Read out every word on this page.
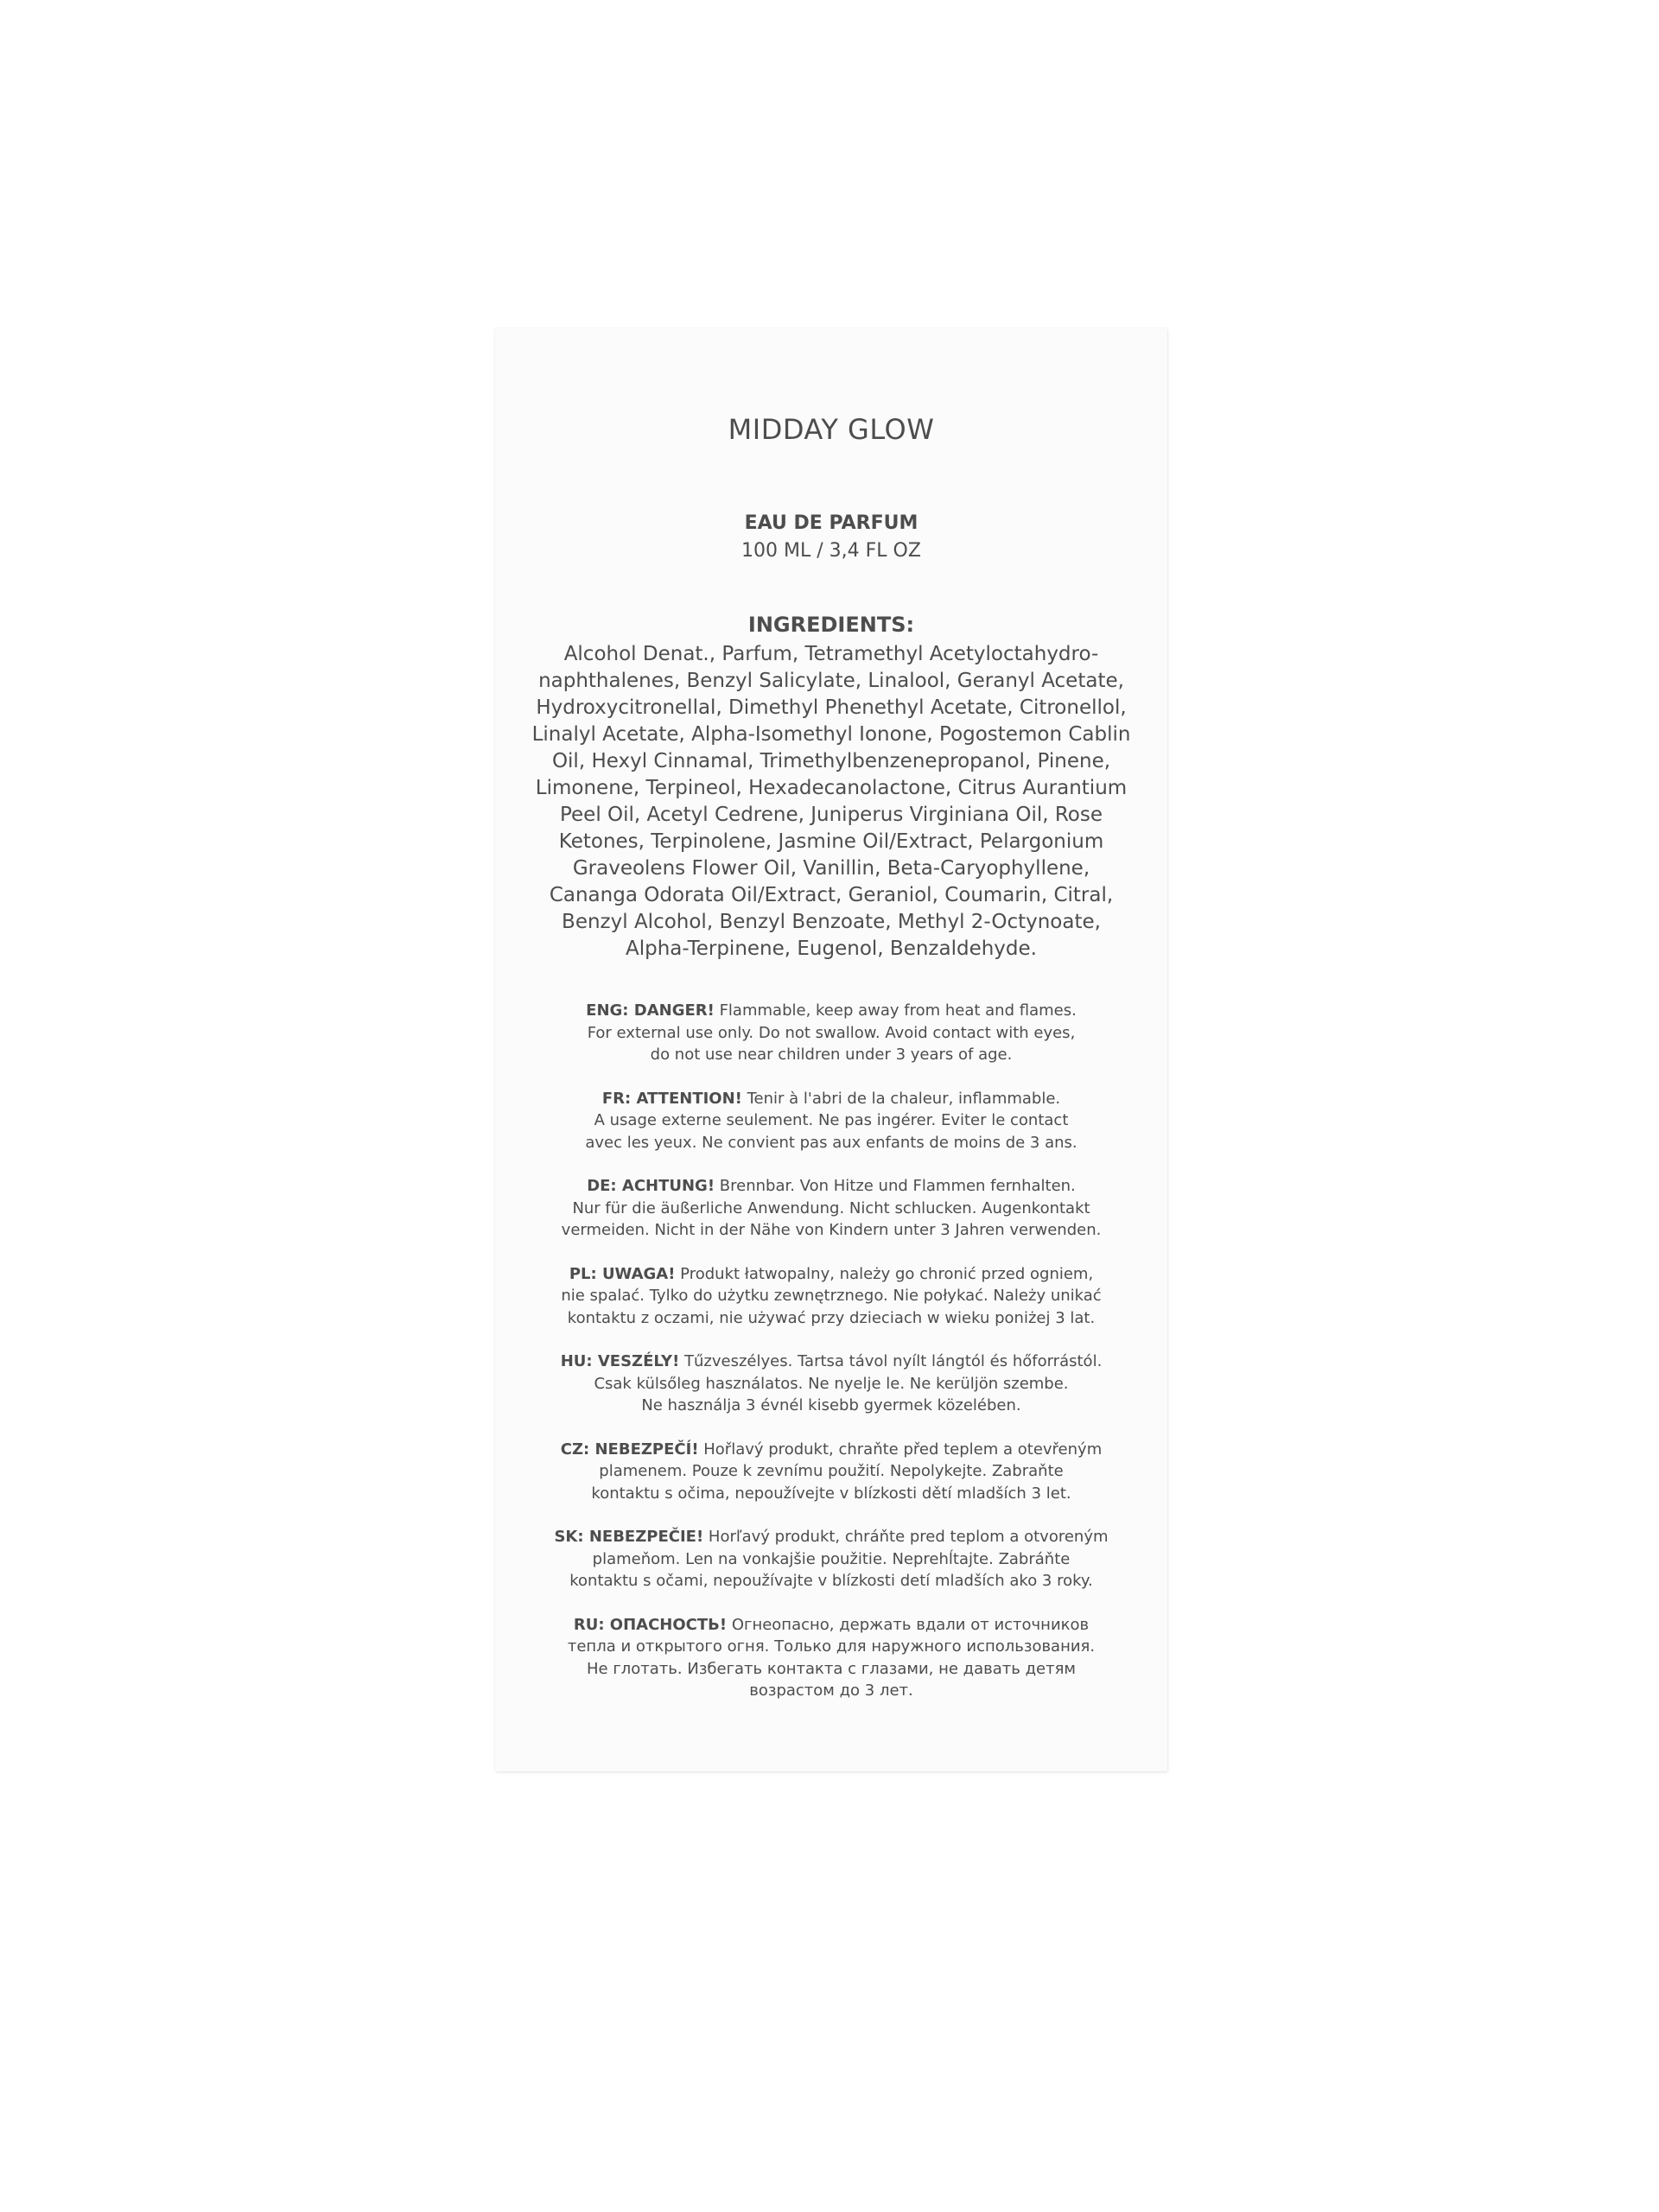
MIDDAY GLOW
EAU DE PARFUM
100 ML / 3,4 FL OZ
INGREDIENTS:
Alcohol Denat., Parfum, Tetramethyl Acetyloctahydro-
naphthalenes, Benzyl Salicylate, Linalool, Geranyl Acetate,
Hydroxycitronellal, Dimethyl Phenethyl Acetate, Citronellol,
Linalyl Acetate, Alpha-Isomethyl Ionone, Pogostemon Cablin
Oil, Hexyl Cinnamal, Trimethylbenzenepropanol, Pinene,
Limonene, Terpineol, Hexadecanolactone, Citrus Aurantium
Peel Oil, Acetyl Cedrene, Juniperus Virginiana Oil, Rose
Ketones, Terpinolene, Jasmine Oil/Extract, Pelargonium
Graveolens Flower Oil, Vanillin, Beta-Caryophyllene,
Cananga Odorata Oil/Extract, Geraniol, Coumarin, Citral,
Benzyl Alcohol, Benzyl Benzoate, Methyl 2-Octynoate,
Alpha-Terpinene, Eugenol, Benzaldehyde.
ENG: DANGER! Flammable, keep away from heat and flames.
For external use only. Do not swallow. Avoid contact with eyes,
do not use near children under 3 years of age.
FR: ATTENTION! Tenir à l'abri de la chaleur, inflammable.
A usage externe seulement. Ne pas ingérer. Eviter le contact
avec les yeux. Ne convient pas aux enfants de moins de 3 ans.
DE: ACHTUNG! Brennbar. Von Hitze und Flammen fernhalten.
Nur für die äußerliche Anwendung. Nicht schlucken. Augenkontakt
vermeiden. Nicht in der Nähe von Kindern unter 3 Jahren verwenden.
PL: UWAGA! Produkt łatwopalny, należy go chronić przed ogniem,
nie spalać. Tylko do użytku zewnętrznego. Nie połykać. Należy unikać
kontaktu z oczami, nie używać przy dzieciach w wieku poniżej 3 lat.
HU: VESZÉLY! Tűzveszélyes. Tartsa távol nyílt lángtól és hőforrástól.
Csak külsőleg használatos. Ne nyelje le. Ne kerüljön szembe.
Ne használja 3 évnél kisebb gyermek közelében.
CZ: NEBEZPEČÍ! Hořlavý produkt, chraňte před teplem a otevřeným
plamenem. Pouze k zevnímu použití. Nepolykejte. Zabraňte
kontaktu s očima, nepoužívejte v blízkosti dětí mladších 3 let.
SK: NEBEZPEČIE! Horľavý produkt, chráňte pred teplom a otvoreným
plameňom. Len na vonkajšie použitie. Neprehĺtajte. Zabráňte
kontaktu s očami, nepoužívajte v blízkosti detí mladších ako 3 roky.
RU: ОПАСНОСТЬ! Огнеопасно, держать вдали от источников
тепла и открытого огня. Только для наружного использования.
Не глотать. Избегать контакта с глазами, не давать детям
возрастом до 3 лет.
